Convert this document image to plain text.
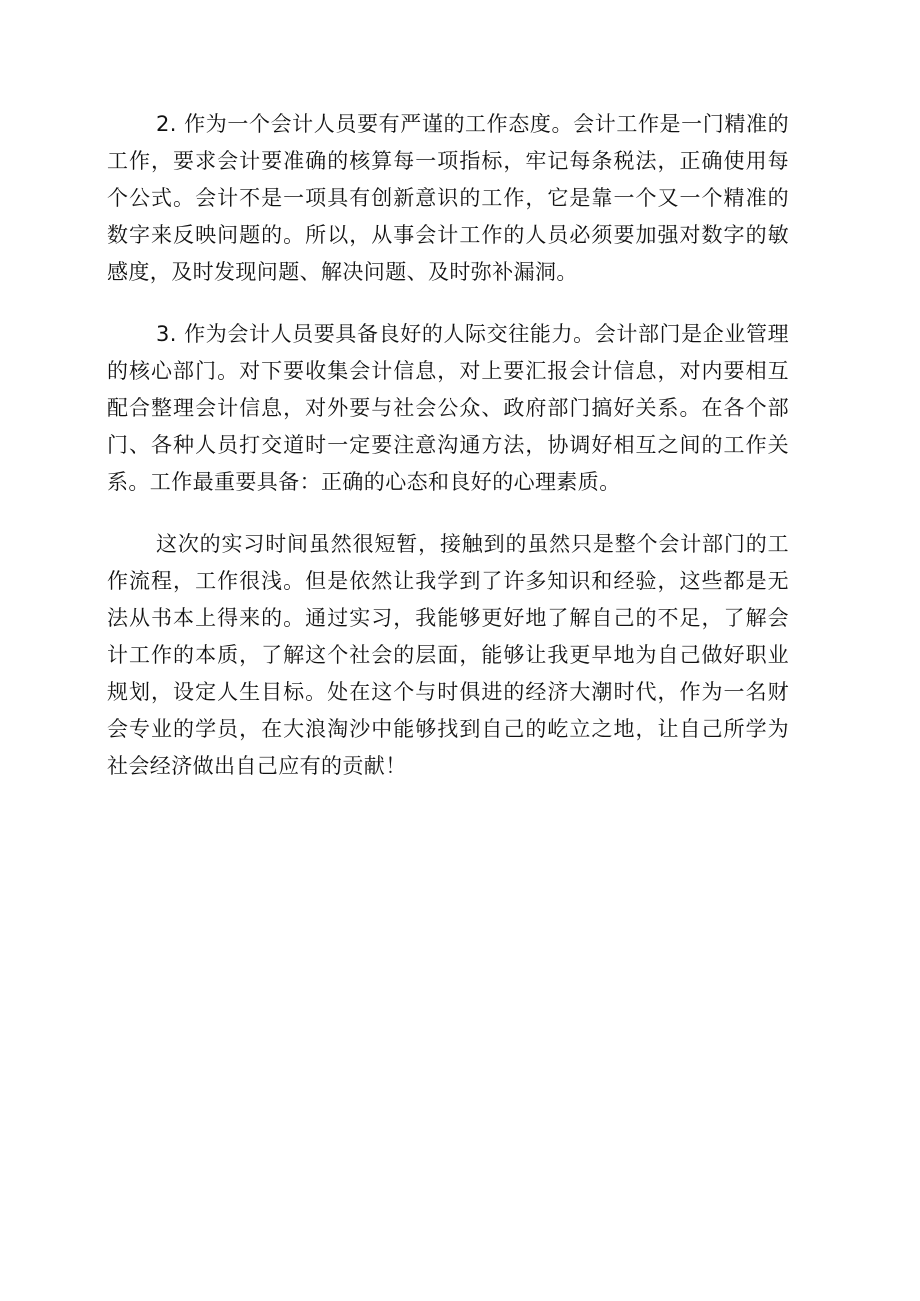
2. 作为一个会计人员要有严谨的工作态度。会计工作是一门精准的工作，要求会计要准确的核算每一项指标，牢记每条税法，正确使用每个公式。会计不是一项具有创新意识的工作，它是靠一个又一个精准的数字来反映问题的。所以，从事会计工作的人员必须要加强对数字的敏感度，及时发现问题、解决问题、及时弥补漏洞。

3. 作为会计人员要具备良好的人际交往能力。会计部门是企业管理的核心部门。对下要收集会计信息，对上要汇报会计信息，对内要相互配合整理会计信息，对外要与社会公众、政府部门搞好关系。在各个部门、各种人员打交道时一定要注意沟通方法，协调好相互之间的工作关系。工作最重要具备：正确的心态和良好的心理素质。

这次的实习时间虽然很短暂，接触到的虽然只是整个会计部门的工作流程，工作很浅。但是依然让我学到了许多知识和经验，这些都是无法从书本上得来的。通过实习，我能够更好地了解自己的不足，了解会计工作的本质，了解这个社会的层面，能够让我更早地为自己做好职业规划，设定人生目标。处在这个与时俱进的经济大潮时代，作为一名财会专业的学员，在大浪淘沙中能够找到自己的屹立之地，让自己所学为社会经济做出自己应有的贡献！
